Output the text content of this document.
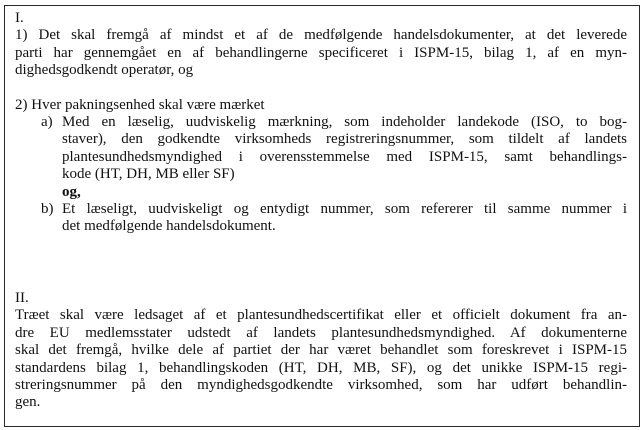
I.
1) Det skal fremgå af mindst et af de medfølgende handelsdokumenter, at det leverede
parti har gennemgået en af behandlingerne specificeret i ISPM-15, bilag 1, af en myn-
dighedsgodkendt operatør, og
2) Hver pakningsenhed skal være mærket
a) Med en læselig, uudviskelig mærkning, som indeholder landekode (ISO, to bog-
staver), den godkendte virksomheds registreringsnummer, som tildelt af landets
plantesundhedsmyndighed i overensstemmelse med ISPM-15, samt behandlings-
kode (HT, DH, MB eller SF)
og,
b) Et læseligt, uudviskeligt og entydigt nummer, som refererer til samme nummer i
det medfølgende handelsdokument.
II.
Træet skal være ledsaget af et plantesundhedscertifikat eller et officielt dokument fra an-
dre EU medlemsstater udstedt af landets plantesundhedsmyndighed. Af dokumenterne
skal det fremgå, hvilke dele af partiet der har været behandlet som foreskrevet i ISPM-15
standardens bilag 1, behandlingskoden (HT, DH, MB, SF), og det unikke ISPM-15 regi-
streringsnummer på den myndighedsgodkendte virksomhed, som har udført behandlin-
gen.
